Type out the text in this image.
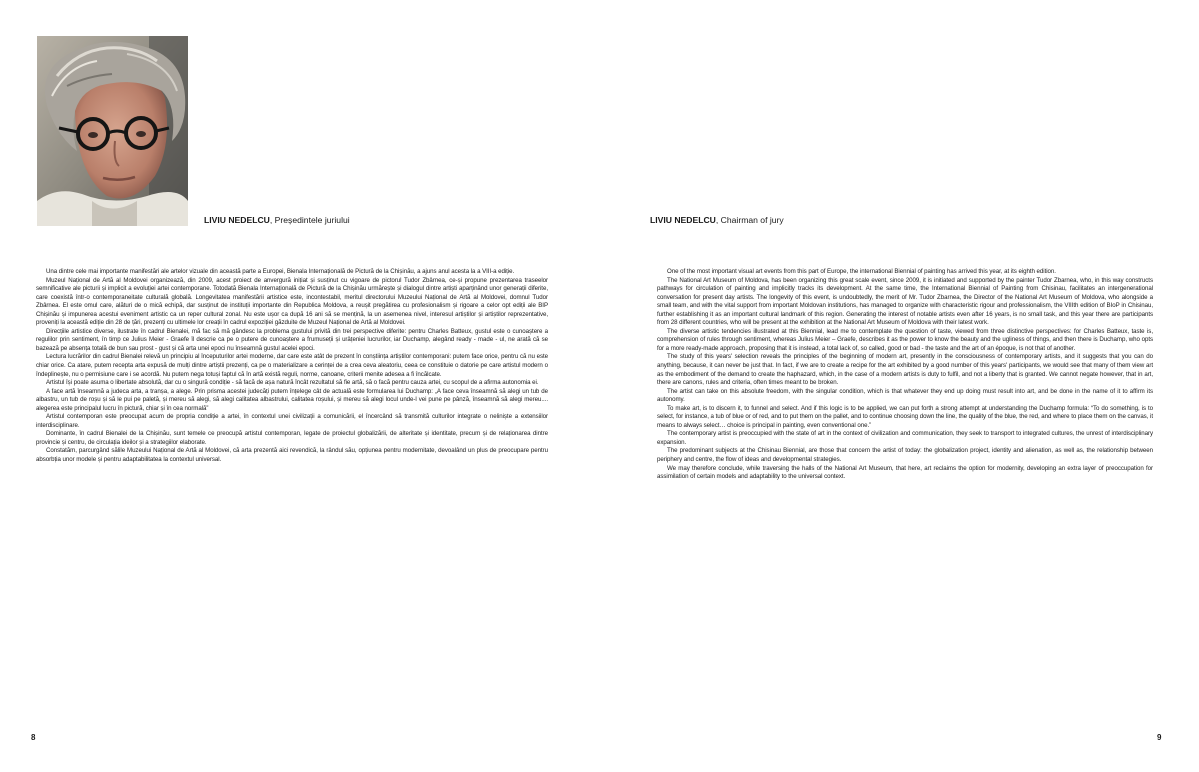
LIVIU NEDELCU, Președintele juriului

Una dintre cele mai importante manifestări ale artelor vizuale din această parte a Europei, Bienala Internațională de Pictură de la Chișinău, a ajuns anul acesta la a VIII-a ediție.

Muzeul Național de Artă al Moldovei organizează, din 2009, acest proiect de anvergură inițiat și susținut cu vigoare de pictorul Tudor Zbârnea, ce-și propune prezentarea traseelor semnificative ale picturii și implicit a evoluției artei contemporane. Totodată Bienala Internațională de Pictură de la Chișinău urmărește și dialogul dintre artiști aparținând unor generații diferite, care coexistă într-o contemporaneitate culturală globală. Longevitatea manifestării artistice este, incontestabil, meritul directorului Muzeului Național de Artă al Moldovei, domnul Tudor Zbârnea. El este omul care, alături de o mică echipă, dar susținut de instituții importante din Republica Moldova, a reușit pregătirea cu profesionalism și rigoare a celor opt ediții ale BIP Chișinău și impunerea acestui eveniment artistic ca un reper cultural zonal. Nu este ușor ca după 16 ani să se mențină, la un asemenea nivel, interesul artiștilor și artiștilor reprezentative, proveniți la această ediție din 28 de țări, prezenți cu ultimele lor creații în cadrul expoziției găzduite de Muzeul Național de Artă al Moldovei.

Direcțiile artistice diverse, ilustrate în cadrul Bienalei, mă fac să mă gândesc la problema gustului privită din trei perspective diferite: pentru Charles Batteux, gustul este o cunoaștere a regulilor prin sentiment, în timp ce Julius Meier - Graefe îl descrie ca pe o putere de cunoaștere a frumuseții și urâțeniei lucrurilor, iar Duchamp, alegând ready - made - ul, ne arată că se bazează pe absența totală de bun sau prost - gust și că arta unei epoci nu înseamnă gustul acelei epoci.

Lectura lucrărilor din cadrul Bienalei relevă un principiu al începuturilor artei moderne, dar care este atât de prezent în conștiința artiștilor contemporani: putem face orice, pentru că nu este chiar orice. Ca atare, putem recepta arta expusă de mulți dintre artiștii prezenți, ca pe o materializare a cerinței de a crea ceva aleatoriu, ceea ce constituie o datorie pe care artistul modern o îndeplinește, nu o permisiune care i se acordă. Nu putem nega totuși faptul că în artă există reguli, norme, canoane, criterii menite adesea a fi încălcate.

Artistul își poate asuma o libertate absolută, dar cu o singură condiție - să facă de așa natură încât rezultatul să fie artă, să o facă pentru cauza artei, cu scopul de a afirma autonomia ei.

A face artă înseamnă a judeca arta, a tranșa, a alege. Prin prisma acestei judecăți putem înțelege cât de actuală este formularea lui Duchamp: „A face ceva înseamnă să alegi un tub de albastru, un tub de roșu și să le pui pe paletă, și mereu să alegi, să alegi calitatea albastrului, calitatea roșului, și mereu să alegi locul unde-l vei pune pe pânză, înseamnă să alegi mereu.... alegerea este principalul lucru în pictură, chiar și în cea normală”

Artistul contemporan este preocupat acum de propria condiție a artei, în contextul unei civilizații a comunicării, el încercând să transmită culturilor integrate o neliniște a extensiilor interdisciplinare.

Dominante, în cadrul Bienalei de la Chișinău, sunt temele ce preocupă artistul contemporan, legate de proiectul globalizării, de alteritate și identitate, precum și de relaționarea dintre provincie și centru, de circulația ideilor și a strategiilor elaborate.

Constatăm, parcurgând sălile Muzeului Național de Artă al Moldovei, că arta prezentă aici revendică, la rândul său, opțiunea pentru modernitate, devoalând un plus de preocupare pentru absorbția unor modele și pentru adaptabilitatea la contextul universal.

8
LIVIU NEDELCU, Chairman of jury

One of the most important visual art events from this part of Europe, the international Biennial of painting has arrived this year, at its eighth edition.

The National Art Museum of Moldova, has been organizing this great scale event, since 2009, it is initiated and supported by the painter Tudor Zbarnea, who, in this way constructs pathways for circulation of painting and implicitly tracks its development. At the same time, the International Biennial of Painting from Chisinau, facilitates an intergenerational conversation for present day artists. The longevity of this event, is undoubtedly, the merit of Mr. Tudor Zbarnea, the Director of the National Art Museum of Moldova, who alongside a small team, and with the vital support from important Moldovan institutions, has managed to organize with characteristic rigour and professionalism, the VIIIth edition of BIoP in Chisinau, further establishing it as an important cultural landmark of this region. Generating the interest of notable artists even after 16 years, is no small task, and this year there are participants from 28 different countries, who will be present at the exhibition at the National Art Museum of Moldova with their latest work.

The diverse artistic tendencies illustrated at this Biennial, lead me to contemplate the question of taste, viewed from three distinctive perspectives: for Charles Batteux, taste is, comprehension of rules through sentiment, whereas Julius Meier – Graefe, describes it as the power to know the beauty and the ugliness of things, and then there is Duchamp, who opts for a more ready-made approach, proposing that it is instead, a total lack of, so called, good or bad - the taste and the art of an époque, is not that of another.

The study of this years' selection reveals the principles of the beginning of modern art, presently in the consciousness of contemporary artists, and it suggests that you can do anything, because, it can never be just that. In fact, if we are to create a recipe for the art exhibited by a good number of this years' participants, we would see that many of them view art as the embodiment of the demand to create the haphazard, which, in the case of a modern artists is duty to fulfil, and not a liberty that is granted. We cannot negate however, that in art, there are canons, rules and criteria, often times meant to be broken.

The artist can take on this absolute freedom, with the singular condition, which is that whatever they end up doing must result into art, and be done in the name of it to affirm its autonomy.

To make art, is to discern it, to funnel and select. And if this logic is to be applied, we can put forth a strong attempt at understanding the Duchamp formula: “To do something, is to select, for instance, a tub of blue or of red, and to put them on the pallet, and to continue choosing down the line, the quality of the blue, the red, and where to place them on the canvas, it means to always select… choice is principal in painting, even conventional one.”

The contemporary artist is preoccupied with the state of art in the context of civilization and communication, they seek to transport to integrated cultures, the unrest of interdisciplinary expansion.

The predominant subjects at the Chisinau Biennial, are those that concern the artist of today: the globalization project, identity and alienation, as well as, the relationship between periphery and centre, the flow of ideas and developmental strategies.

We may therefore conclude, while traversing the halls of the National Art Museum, that here, art reclaims the option for modernity, developing an extra layer of preoccupation for assimilation of certain models and adaptability to the universal context.

9
